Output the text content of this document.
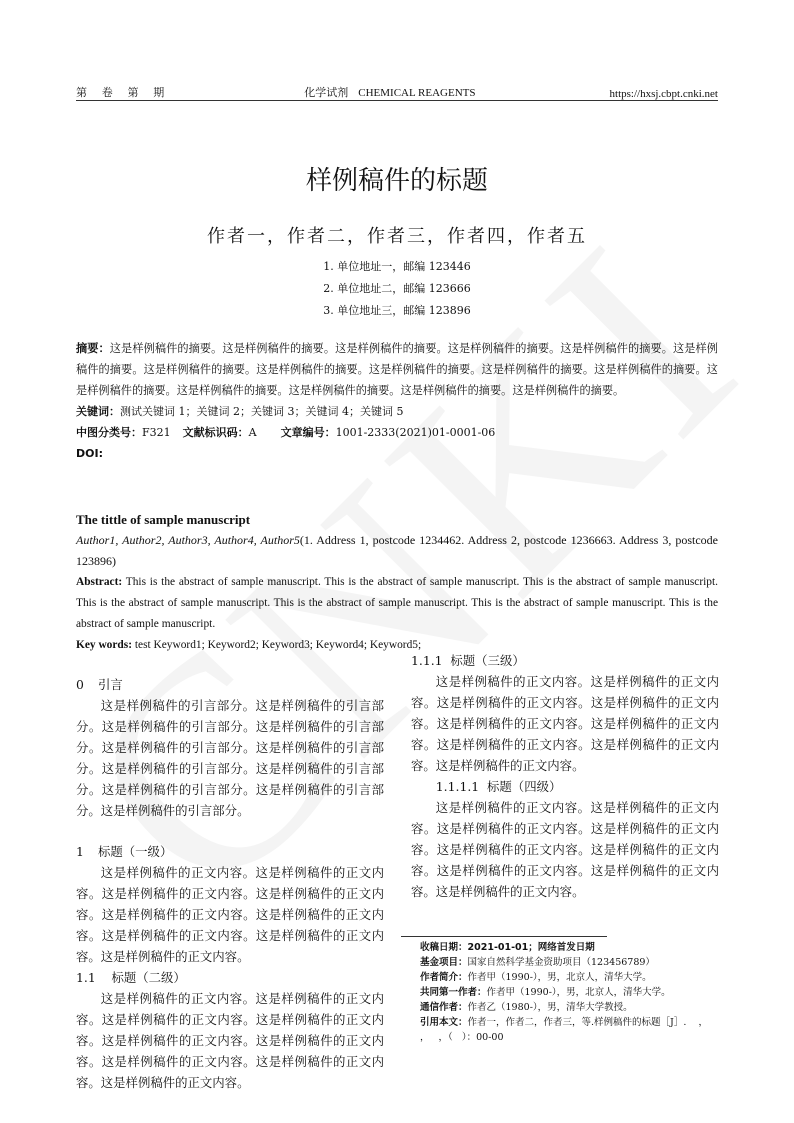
第 卷 第 期	化学试剂 CHEMICAL REAGENTS	https://hxsj.cbpt.cnki.net
样例稿件的标题
作者一，作者二，作者三，作者四，作者五
1. 单位地址一，邮编 123446
2. 单位地址二，邮编 123666
3. 单位地址三，邮编 123896
摘要：这是样例稿件的摘要。这是样例稿件的摘要。这是样例稿件的摘要。这是样例稿件的摘要。这是样例稿件的摘要。这是样例稿件的摘要。这是样例稿件的摘要。这是样例稿件的摘要。这是样例稿件的摘要。这是样例稿件的摘要。这是样例稿件的摘要。这是样例稿件的摘要。这是样例稿件的摘要。这是样例稿件的摘要。这是样例稿件的摘要。这是样例稿件的摘要。
关键词：测试关键词 1；关键词 2；关键词 3；关键词 4；关键词 5
中图分类号：F321 文献标识码：A 文章编号：1001-2333(2021)01-0001-06
DOI:
The tittle of sample manuscript
Author1, Author2, Author3, Author4, Author5(1. Address 1, postcode 1234462. Address 2, postcode 1236663. Address 3, postcode 123896)
Abstract: This is the abstract of sample manuscript. This is the abstract of sample manuscript. This is the abstract of sample manuscript. This is the abstract of sample manuscript. This is the abstract of sample manuscript. This is the abstract of sample manuscript. This is the abstract of sample manuscript.
Key words: test Keyword1; Keyword2; Keyword3; Keyword4; Keyword5;

0 引言

这是样例稿件的引言部分。这是样例稿件的引言部分。这是样例稿件的引言部分。这是样例稿件的引言部分。这是样例稿件的引言部分。这是样例稿件的引言部分。这是样例稿件的引言部分。这是样例稿件的引言部分。这是样例稿件的引言部分。这是样例稿件的引言部分。这是样例稿件的引言部分。

1 标题（一级）

这是样例稿件的正文内容。这是样例稿件的正文内容。这是样例稿件的正文内容。这是样例稿件的正文内容。这是样例稿件的正文内容。这是样例稿件的正文内容。这是样例稿件的正文内容。这是样例稿件的正文内容。这是样例稿件的正文内容。

1.1    标题（二级）

这是样例稿件的正文内容。这是样例稿件的正文内容。这是样例稿件的正文内容。这是样例稿件的正文内容。这是样例稿件的正文内容。这是样例稿件的正文内容。这是样例稿件的正文内容。这是样例稿件的正文内容。这是样例稿件的正文内容。

1.1.1  标题（三级）

这是样例稿件的正文内容。这是样例稿件的正文内容。这是样例稿件的正文内容。这是样例稿件的正文内容。这是样例稿件的正文内容。这是样例稿件的正文内容。这是样例稿件的正文内容。这是样例稿件的正文内容。这是样例稿件的正文内容。

1.1.1.1  标题（四级）

这是样例稿件的正文内容。这是样例稿件的正文内容。这是样例稿件的正文内容。这是样例稿件的正文内容。这是样例稿件的正文内容。这是样例稿件的正文内容。这是样例稿件的正文内容。这是样例稿件的正文内容。这是样例稿件的正文内容。

收稿日期：2021-01-01；网络首发日期
基金项目：国家自然科学基金资助项目（123456789）
作者简介：作者甲（1990-），男，北京人，清华大学。
共同第一作者：作者甲（1990-），男，北京人，清华大学。
通信作者：作者乙（1980-），男，清华大学教授。
引用本文：作者一，作者二，作者三，等.样例稿件的标题［J］.    ，   ，   ，（   ）：00-00
